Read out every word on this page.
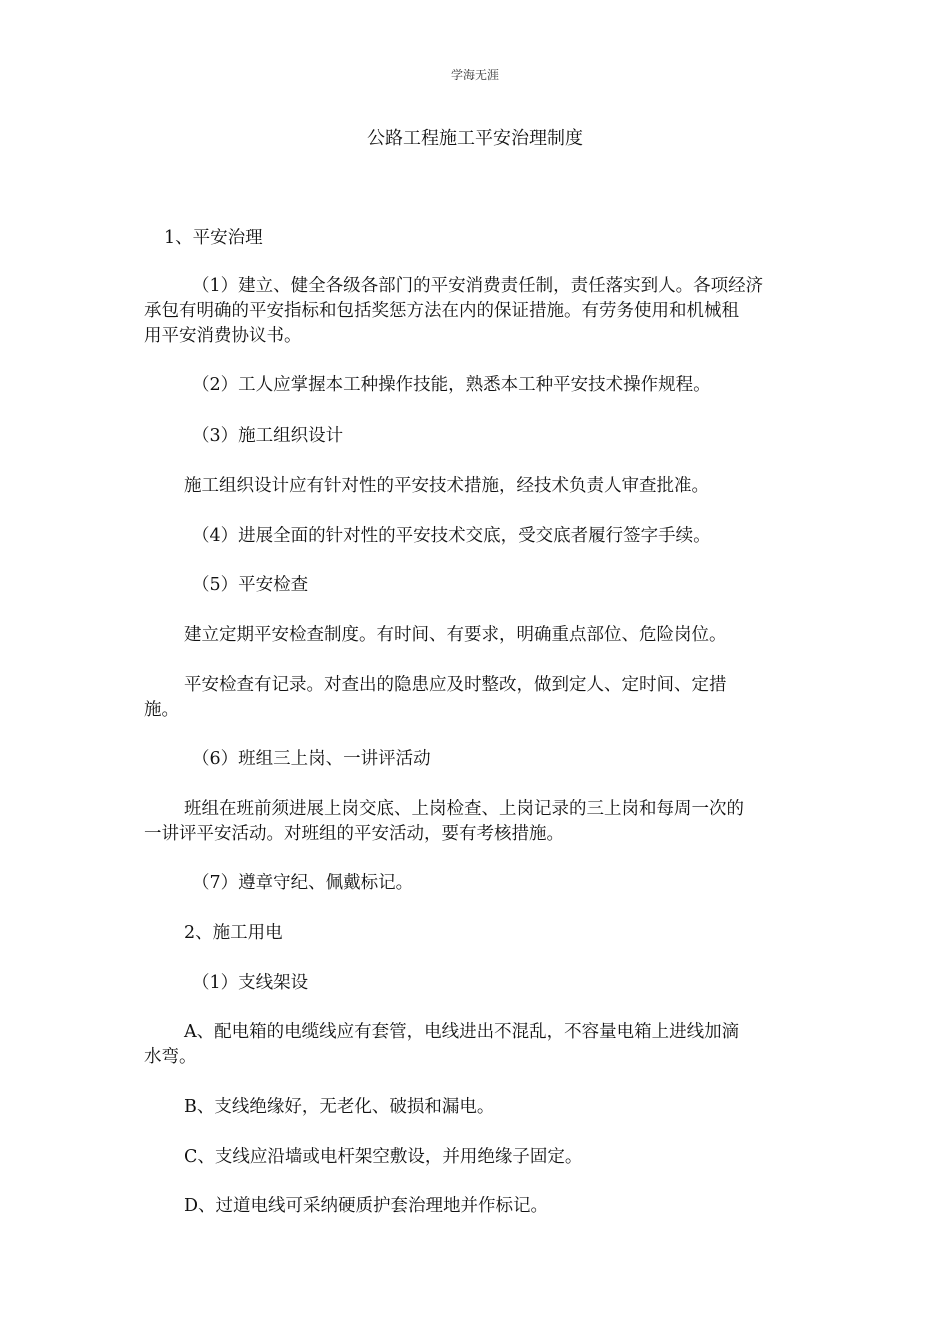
学海无涯
公路工程施工平安治理制度

1、平安治理

（1）建立、健全各级各部门的平安消费责任制，责任落实到人。各项经济
承包有明确的平安指标和包括奖惩方法在内的保证措施。有劳务使用和机械租
用平安消费协议书。

（2）工人应掌握本工种操作技能，熟悉本工种平安技术操作规程。

（3）施工组织设计

施工组织设计应有针对性的平安技术措施，经技术负责人审查批准。

（4）进展全面的针对性的平安技术交底，受交底者履行签字手续。

（5）平安检查

建立定期平安检查制度。有时间、有要求，明确重点部位、危险岗位。

平安检查有记录。对查出的隐患应及时整改，做到定人、定时间、定措
施。

（6）班组三上岗、一讲评活动

班组在班前须进展上岗交底、上岗检查、上岗记录的三上岗和每周一次的
一讲评平安活动。对班组的平安活动，要有考核措施。

（7）遵章守纪、佩戴标记。

2、施工用电

（1）支线架设

A、配电箱的电缆线应有套管，电线进出不混乱，不容量电箱上进线加滴
水弯。

B、支线绝缘好，无老化、破损和漏电。

C、支线应沿墙或电杆架空敷设，并用绝缘子固定。

D、过道电线可采纳硬质护套治理地并作标记。
